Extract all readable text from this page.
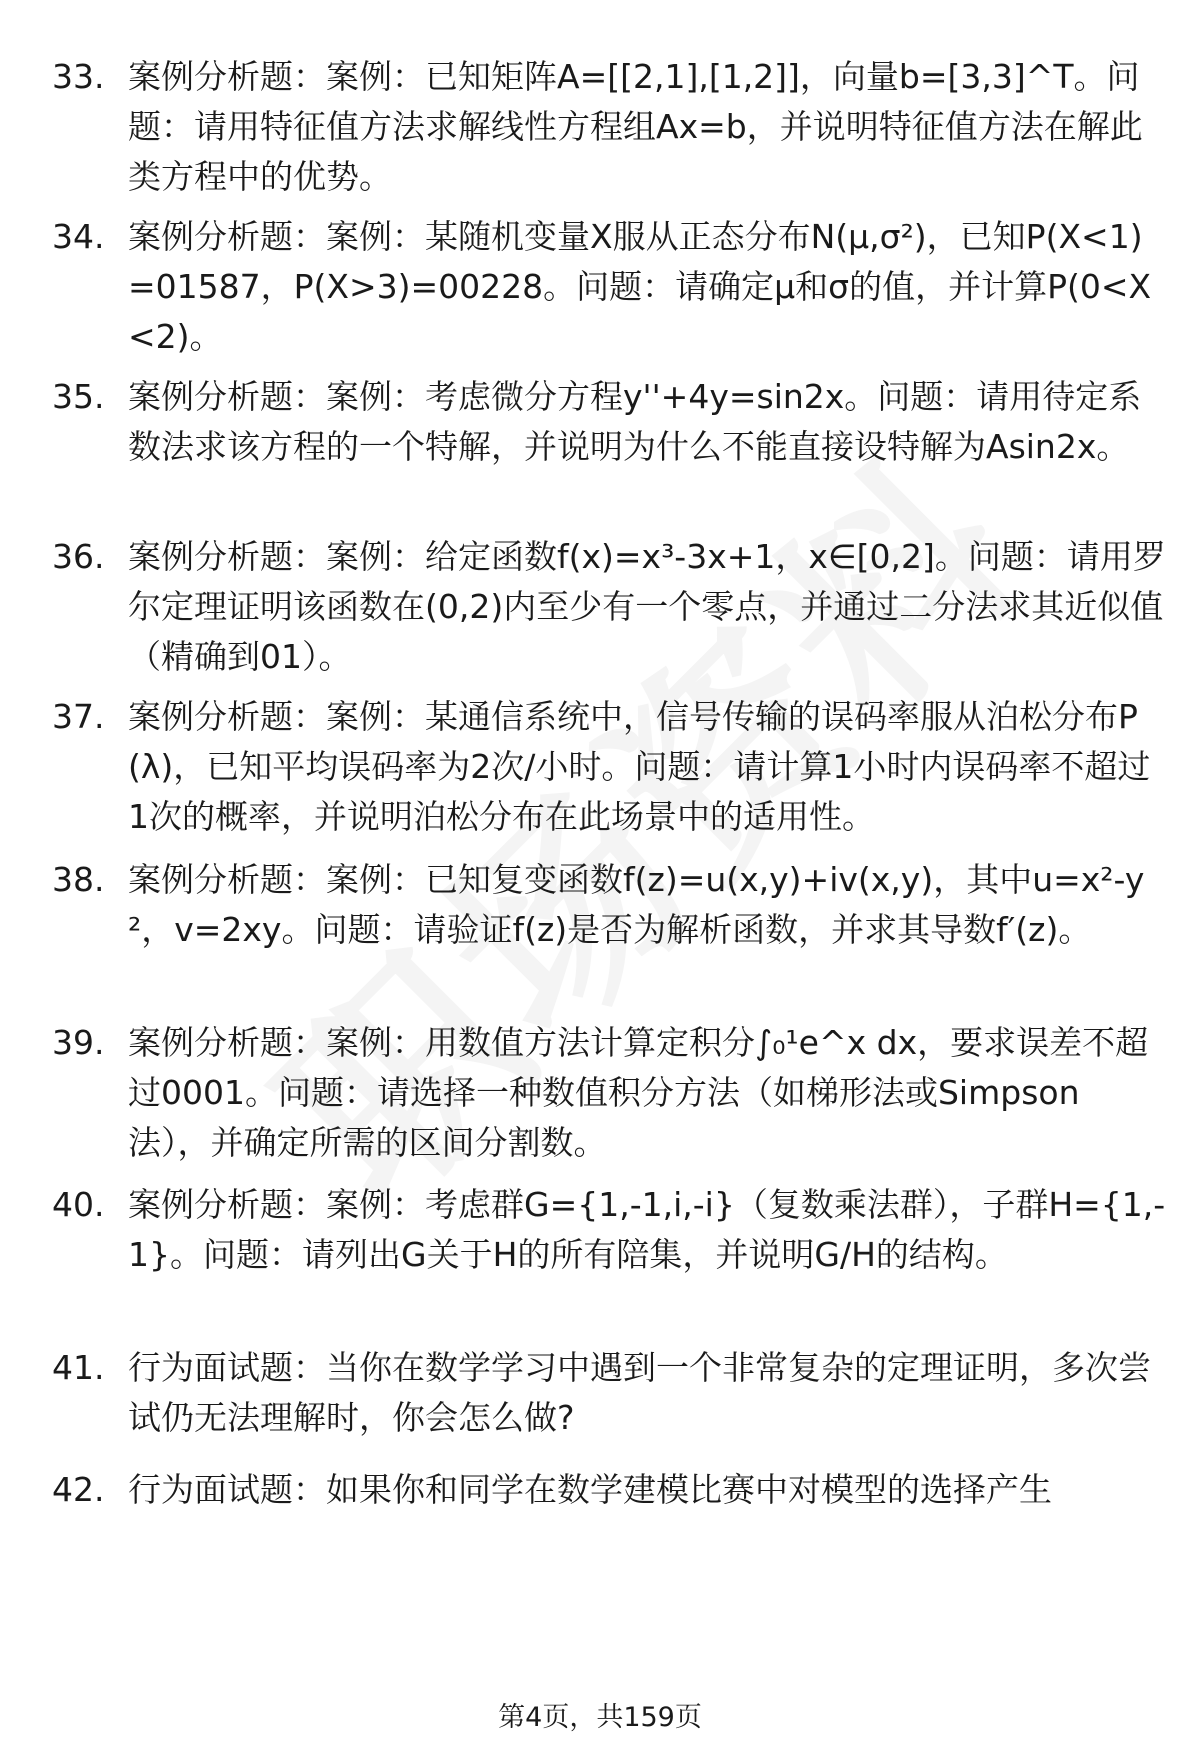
33. 案例分析题：案例：已知矩阵A=[[2,1],[1,2]]，向量b=[3,3]^T。问题：请用特征值方法求解线性方程组Ax=b，并说明特征值方法在解此类方程中的优势。
34. 案例分析题：案例：某随机变量X服从正态分布N(μ,σ²)，已知P(X<1)=01587，P(X>3)=00228。问题：请确定μ和σ的值，并计算P(0<X<2)。
35. 案例分析题：案例：考虑微分方程y''+4y=sin2x。问题：请用待定系数法求该方程的一个特解，并说明为什么不能直接设特解为Asin2x。
36. 案例分析题：案例：给定函数f(x)=x³-3x+1，x∈[0,2]。问题：请用罗尔定理证明该函数在(0,2)内至少有一个零点，并通过二分法求其近似值（精确到01）。
37. 案例分析题：案例：某通信系统中，信号传输的误码率服从泊松分布P(λ)，已知平均误码率为2次/小时。问题：请计算1小时内误码率不超过1次的概率，并说明泊松分布在此场景中的适用性。
38. 案例分析题：案例：已知复变函数f(z)=u(x,y)+iv(x,y)，其中u=x²-y²，v=2xy。问题：请验证f(z)是否为解析函数，并求其导数f′(z)。
39. 案例分析题：案例：用数值方法计算定积分∫₀¹e^x dx，要求误差不超过0001。问题：请选择一种数值积分方法（如梯形法或Simpson 法），并确定所需的区间分割数。
40. 案例分析题：案例：考虑群G={1,-1,i,-i}（复数乘法群），子群H={1,-1}。问题：请列出G关于H的所有陪集，并说明G/H的结构。
41. 行为面试题：当你在数学学习中遇到一个非常复杂的定理证明，多次尝试仍无法理解时，你会怎么做?
42. 行为面试题：如果你和同学在数学建模比赛中对模型的选择产生
第4页，共159页
